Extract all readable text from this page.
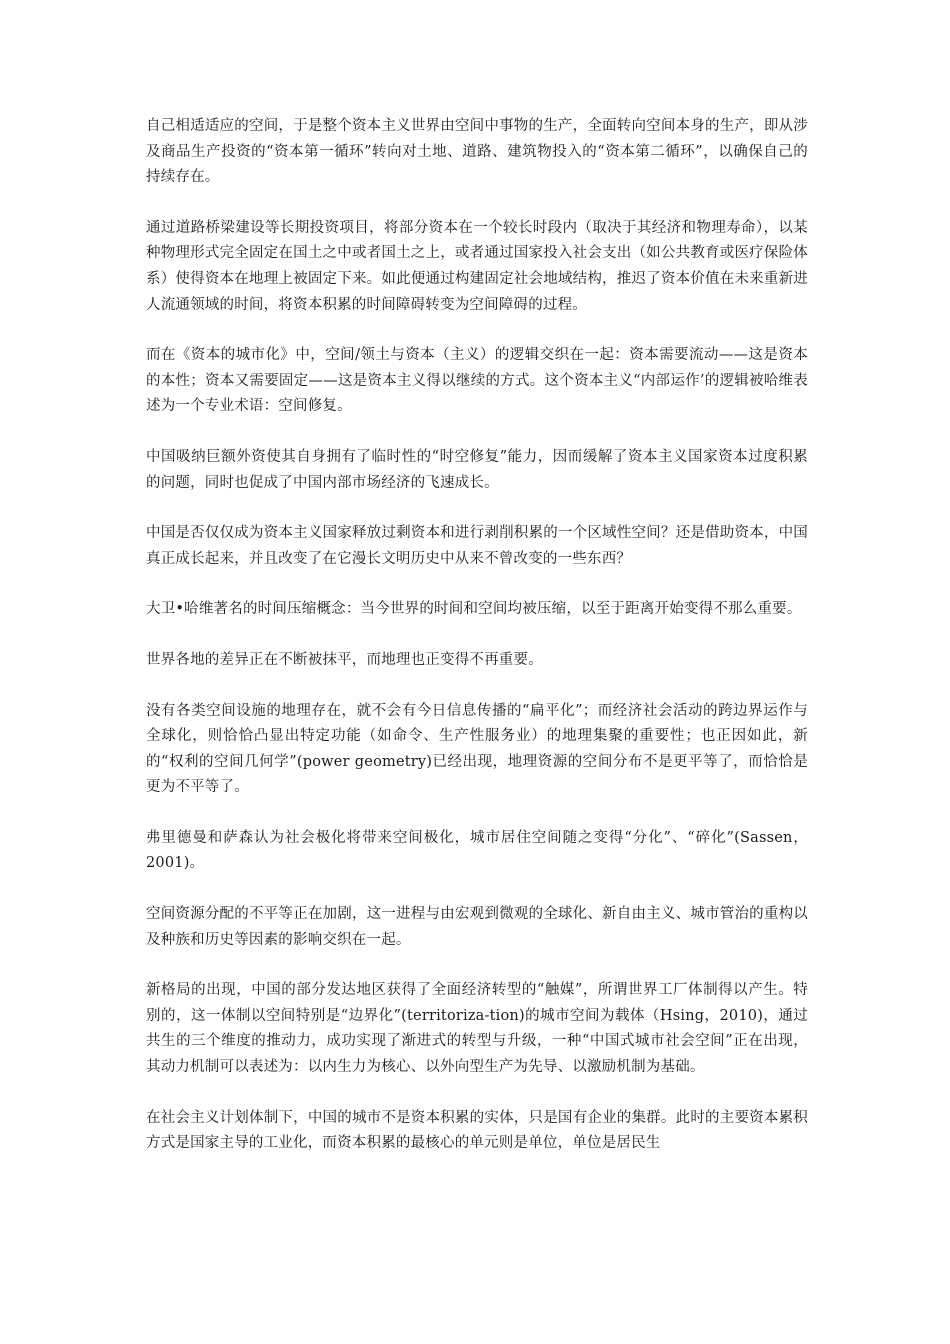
自己相适适应的空间，于是整个资本主义世界由空间中事物的生产，全面转向空间本身的生产，即从涉及商品生产投资的“资本第一循环”转向对土地、道路、建筑物投入的“资本第二循环”，以确保自己的持续存在。

通过道路桥梁建设等长期投资项目，将部分资本在一个较长时段内（取决于其经济和物理寿命），以某种物理形式完全固定在国土之中或者国土之上，或者通过国家投入社会支出（如公共教育或医疗保险体系）使得资本在地理上被固定下来。如此便通过构建固定社会地域结构，推迟了资本价值在未来重新进人流通领域的时间，将资本积累的时间障碍转变为空间障碍的过程。

而在《资本的城市化》中，空间/领土与资本（主义）的逻辑交织在一起：资本需要流动——这是资本的本性；资本又需要固定——这是资本主义得以继续的方式。这个资本主义“内部运作’的逻辑被哈维表述为一个专业术语：空间修复。

中国吸纳巨额外资使其自身拥有了临时性的“时空修复”能力，因而缓解了资本主义国家资本过度积累的问题，同时也促成了中国内部市场经济的飞速成长。

中国是否仅仅成为资本主义国家释放过剩资本和进行剥削积累的一个区域性空间？还是借助资本，中国真正成长起来，并且改变了在它漫长文明历史中从来不曾改变的一些东西？

大卫•哈维著名的时间压缩概念：当今世界的时间和空间均被压缩，以至于距离开始变得不那么重要。

世界各地的差异正在不断被抹平，而地理也正变得不再重要。

没有各类空间设施的地理存在，就不会有今日信息传播的“扁平化”；而经济社会活动的跨边界运作与全球化，则恰恰凸显出特定功能（如命令、生产性服务业）的地理集聚的重要性；也正因如此，新的“权利的空间几何学”(power geometry)已经出现，地理资源的空间分布不是更平等了，而恰恰是更为不平等了。

弗里德曼和萨森认为社会极化将带来空间极化，城市居住空间随之变得“分化”、“碎化”(Sassen，2001)。

空间资源分配的不平等正在加剧，这一进程与由宏观到微观的全球化、新自由主义、城市管治的重构以及种族和历史等因素的影响交织在一起。

新格局的出现，中国的部分发达地区获得了全面经济转型的“触媒”，所谓世界工厂体制得以产生。特别的，这一体制以空间特别是“边界化”(territoriza-tion)的城市空间为载体（Hsing，2010)，通过共生的三个维度的推动力，成功实现了渐进式的转型与升级，一种“中国式城市社会空间”正在出现，其动力机制可以表述为：以内生力为核心、以外向型生产为先导、以激励机制为基础。

在社会主义计划体制下，中国的城市不是资本积累的实体，只是国有企业的集群。此时的主要资本累积方式是国家主导的工业化，而资本积累的最核心的单元则是单位，单位是居民生
